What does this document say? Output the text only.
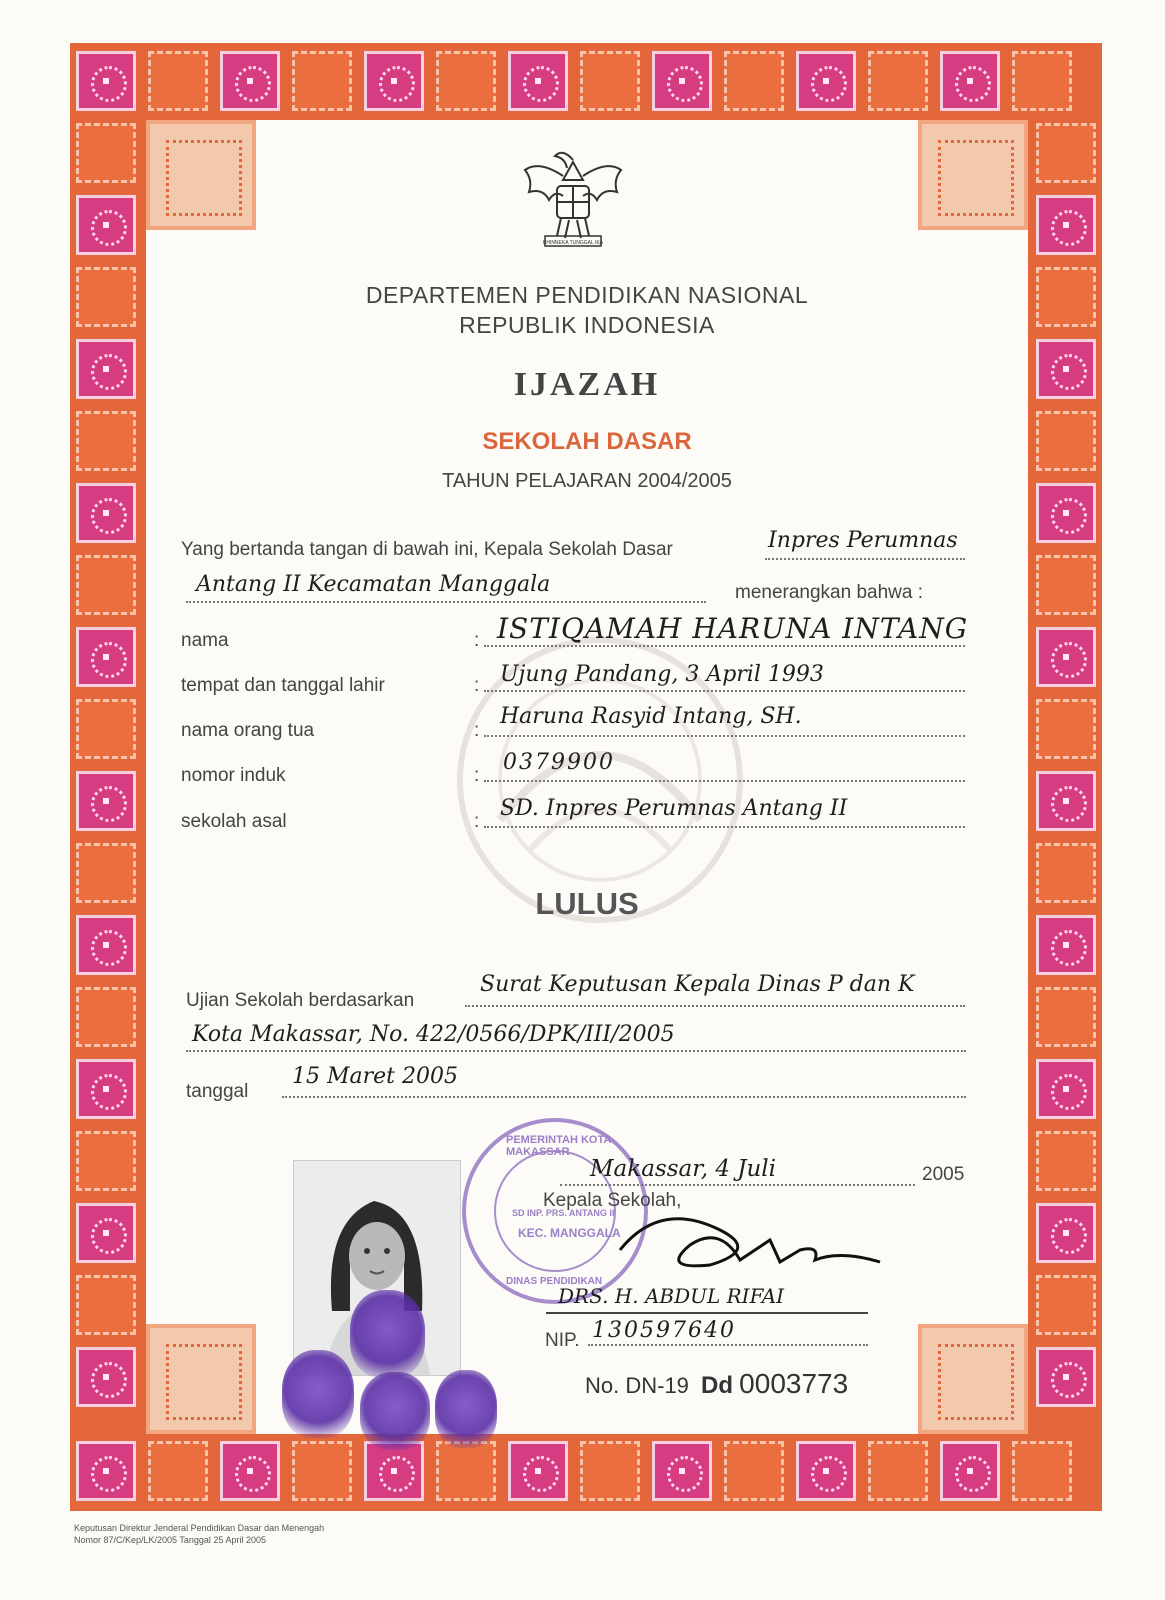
BHINNEKA TUNGGAL IKA
DEPARTEMEN PENDIDIKAN NASIONAL
REPUBLIK INDONESIA
IJAZAH
SEKOLAH DASAR
TAHUN PELAJARAN 2004/2005
Yang bertanda tangan di bawah ini, Kepala Sekolah Dasar	Inpres Perumnas
Antang II Kecamatan Manggala	menerangkan bahwa :
nama	: ISTIQAMAH HARUNA INTANG
tempat dan tanggal lahir	: Ujung Pandang, 3 April 1993
nama orang tua	:
Haruna Rasyid Intang, SH.
nomor induk	:
0379900
sekolah asal	:
SD. Inpres Perumnas Antang II
LULUS
Ujian Sekolah berdasarkan
Surat Keputusan Kepala Dinas P dan K
Kota Makassar, No. 422/0566/DPK/III/2005
tanggal
15 Maret 2005
PEMERINTAH KOTA MAKASSAR
SD INP. PRS. ANTANG II
KEC. MANGGALA
DINAS PENDIDIKAN
Makassar, 4 Juli	2005
Kepala Sekolah,
DRS. H. ABDUL RIFAI
NIP. 130597640
No. DN-19 Dd 0003773
Keputusan Direktur Jenderal Pendidikan Dasar dan Menengah
Nomor 87/C/Kep/LK/2005 Tanggal 25 April 2005
